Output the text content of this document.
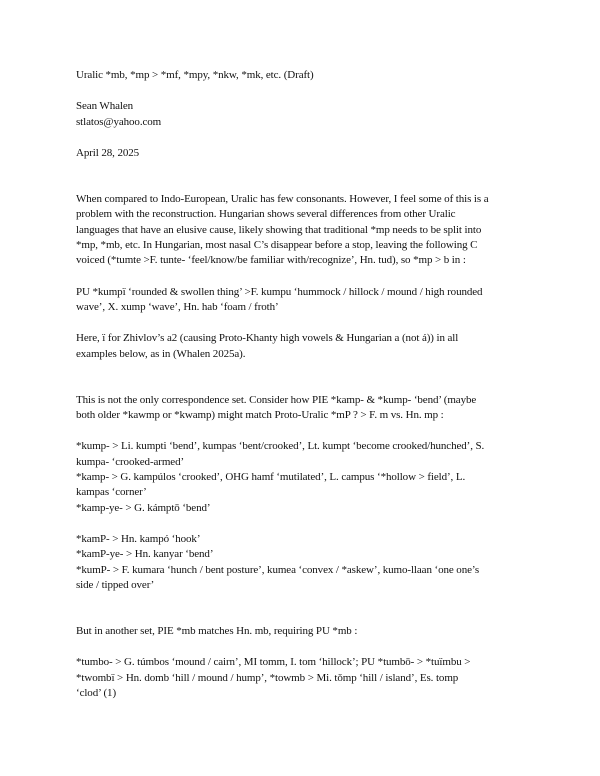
Uralic *mb, *mp > *mf, *mpy, *nkw, *mk, etc. (Draft)
Sean Whalen
stlatos@yahoo.com
April 28, 2025
When compared to Indo-European, Uralic has few consonants. However, I feel some of this is a
problem with the reconstruction. Hungarian shows several differences from other Uralic
languages that have an elusive cause, likely showing that traditional *mp needs to be split into
*mp, *mb, etc. In Hungarian, most nasal C’s disappear before a stop, leaving the following C
voiced (*tumte >F. tunte- ‘feel/know/be familiar with/recognize’, Hn. tud), so *mp > b in :
PU *kumpï ‘rounded & swollen thing’ >F. kumpu ‘hummock / hillock / mound / high rounded
wave’, X. xump ‘wave’, Hn. hab ‘foam / froth’
Here, ï for Zhivlov’s a2 (causing Proto-Khanty high vowels & Hungarian a (not á)) in all
examples below, as in (Whalen 2025a).
This is not the only correspondence set. Consider how PIE *kamp- & *kump- ‘bend’ (maybe
both older *kawmp or *kwamp) might match Proto-Uralic *mP ? > F. m vs. Hn. mp :
*kump- > Li. kumpti ‘bend’, kumpas ‘bent/crooked’, Lt. kumpt ‘become crooked/hunched’, S.
kumpa- ‘crooked-armed’
*kamp- > G. kampúlos ‘crooked’, OHG hamf ‘mutilated’, L. campus ‘*hollow > field’, L.
kampas ‘corner’
*kamp-ye- > G. kámptō ‘bend’
*kamP- > Hn. kampó ‘hook’
*kamP-ye- > Hn. kanyar ‘bend’
*kumP- > F. kumara ‘hunch / bent posture’, kumea ‘convex / *askew’, kumo-llaan ‘one one’s
side / tipped over’
But in another set, PIE *mb matches Hn. mb, requiring PU *mb :
*tumbo- > G. túmbos ‘mound / cairn’, MI tomm, I. tom ‘hillock’; PU *tumbō- > *tuïmbu >
*twombï > Hn. domb ‘hill / mound / hump’, *towmb > Mi. tǒmp ‘hill / island’, Es. tomp
‘clod’ (1)
